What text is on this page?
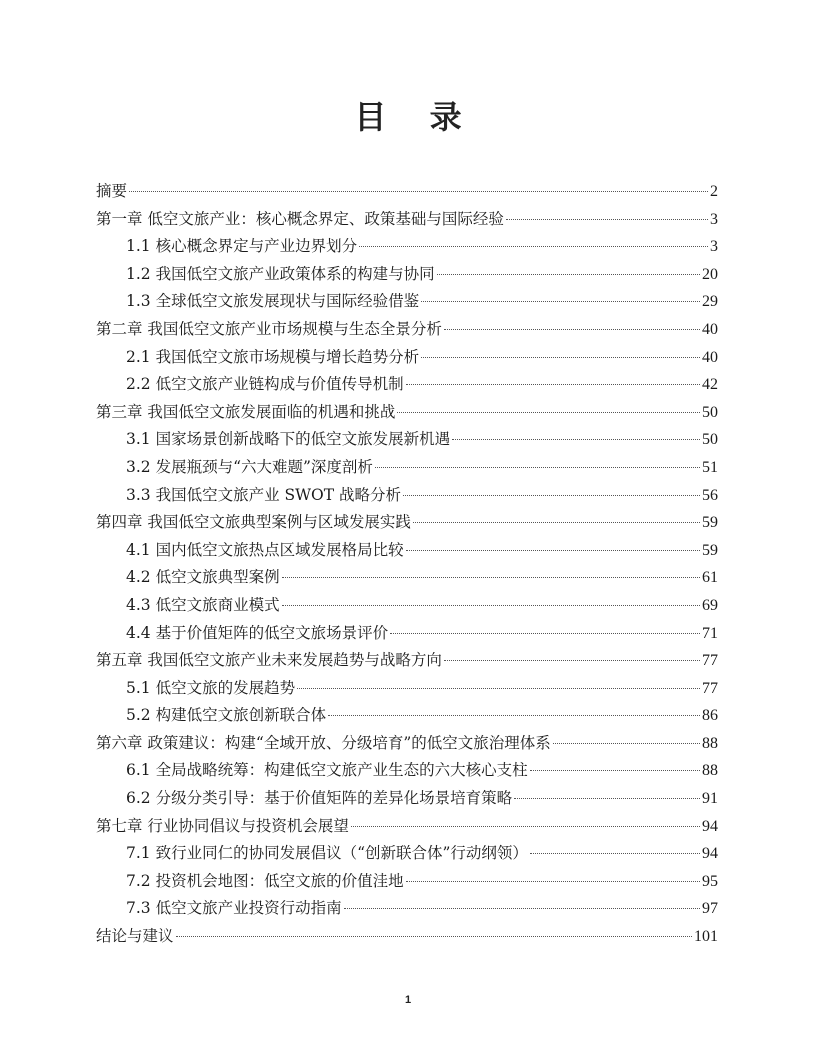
目 录
摘要	2
第一章 低空文旅产业：核心概念界定、政策基础与国际经验	3
1.1 核心概念界定与产业边界划分	3
1.2 我国低空文旅产业政策体系的构建与协同	20
1.3 全球低空文旅发展现状与国际经验借鉴	29
第二章 我国低空文旅产业市场规模与生态全景分析	40
2.1 我国低空文旅市场规模与增长趋势分析	40
2.2 低空文旅产业链构成与价值传导机制	42
第三章 我国低空文旅发展面临的机遇和挑战	50
3.1 国家场景创新战略下的低空文旅发展新机遇	50
3.2 发展瓶颈与“六大难题”深度剖析	51
3.3 我国低空文旅产业 SWOT 战略分析	56
第四章 我国低空文旅典型案例与区域发展实践	59
4.1 国内低空文旅热点区域发展格局比较	59
4.2 低空文旅典型案例	61
4.3 低空文旅商业模式	69
4.4 基于价值矩阵的低空文旅场景评价	71
第五章 我国低空文旅产业未来发展趋势与战略方向	77
5.1 低空文旅的发展趋势	77
5.2 构建低空文旅创新联合体	86
第六章 政策建议：构建“全域开放、分级培育”的低空文旅治理体系	88
6.1 全局战略统筹：构建低空文旅产业生态的六大核心支柱	88
6.2 分级分类引导：基于价值矩阵的差异化场景培育策略	91
第七章 行业协同倡议与投资机会展望	94
7.1 致行业同仁的协同发展倡议（“创新联合体”行动纲领）	94
7.2 投资机会地图：低空文旅的价值洼地	95
7.3 低空文旅产业投资行动指南	97
结论与建议	101
1
